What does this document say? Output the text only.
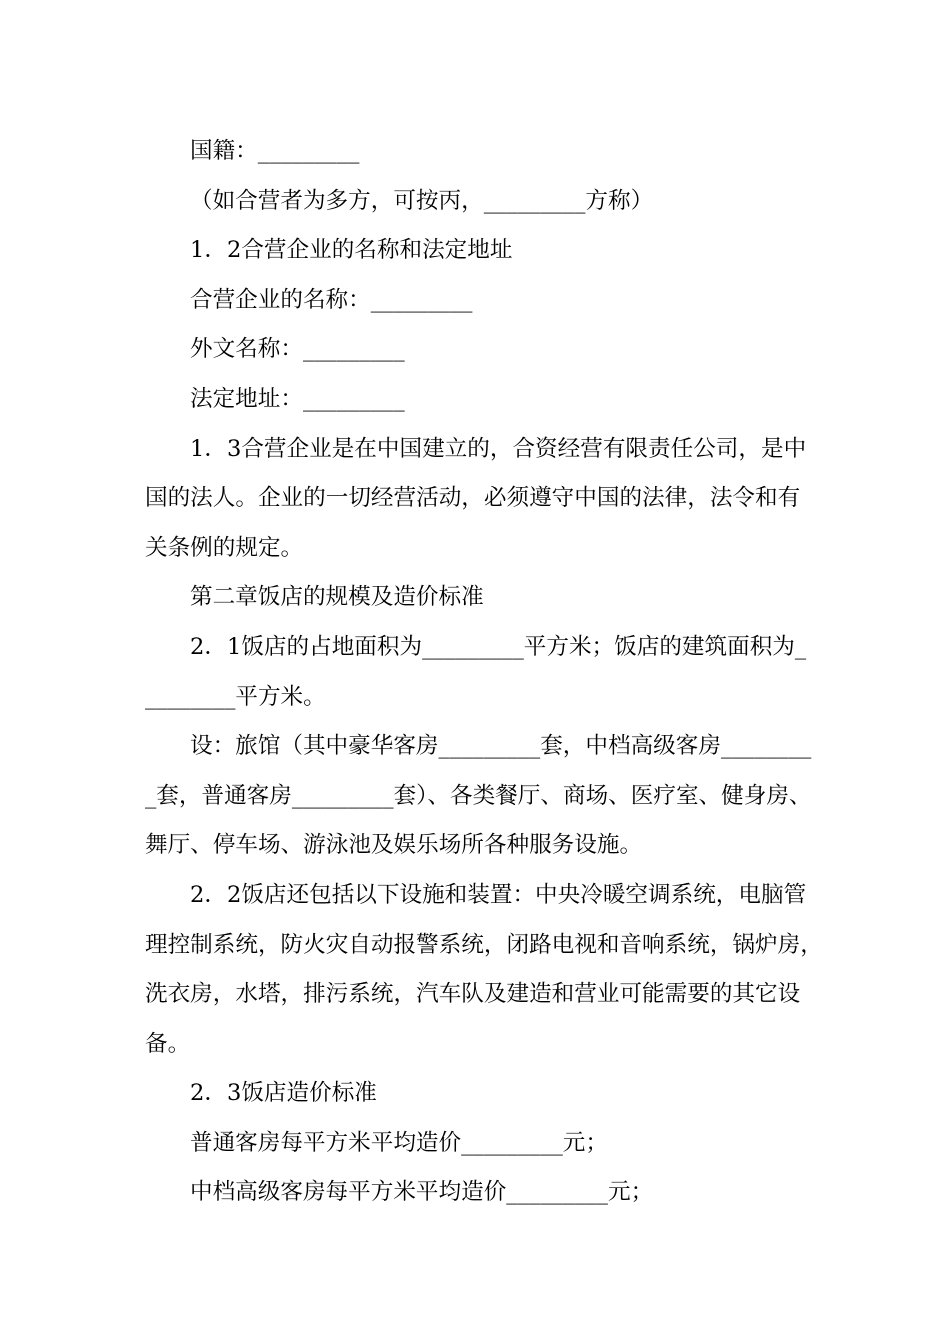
国籍：_________
（如合营者为多方，可按丙，_________方称）
1．2合营企业的名称和法定地址
合营企业的名称：_________
外文名称：_________
法定地址：_________
1．3合营企业是在中国建立的，合资经营有限责任公司，是中
国的法人。企业的一切经营活动，必须遵守中国的法律，法令和有
关条例的规定。
第二章饭店的规模及造价标准
2．1饭店的占地面积为_________平方米；饭店的建筑面积为_
________平方米。
设：旅馆（其中豪华客房_________套，中档高级客房________
_套，普通客房_________套）、各类餐厅、商场、医疗室、健身房、
舞厅、停车场、游泳池及娱乐场所各种服务设施。
2．2饭店还包括以下设施和装置：中央冷暖空调系统，电脑管
理控制系统，防火灾自动报警系统，闭路电视和音响系统，锅炉房，
洗衣房，水塔，排污系统，汽车队及建造和营业可能需要的其它设
备。
2．3饭店造价标准
普通客房每平方米平均造价_________元；
中档高级客房每平方米平均造价_________元；
